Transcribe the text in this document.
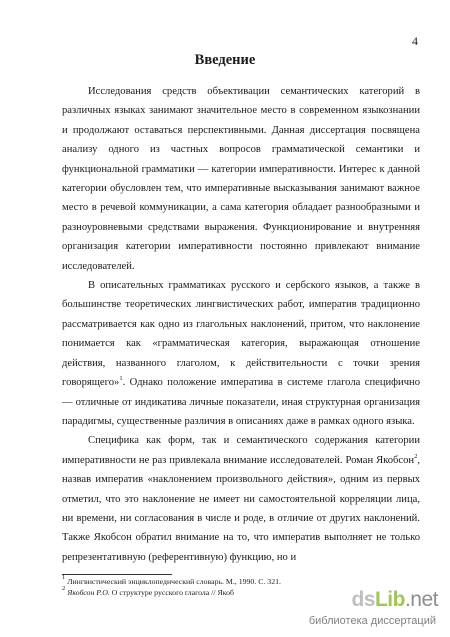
4
Введение

Исследования средств объективации семантических категорий в различных языках занимают значительное место в современном языкознании и продолжают оставаться перспективными. Данная диссертация посвящена анализу одного из частных вопросов грамматической семантики и функциональной грамматики — категории императивности. Интерес к данной категории обусловлен тем, что императивные высказывания занимают важное место в речевой коммуникации, а сама категория обладает разнообразными и разноуровневыми средствами выражения. Функционирование и внутренняя организация категории императивности постоянно привлекают внимание исследователей.

В описательных грамматиках русского и сербского языков, а также в большинстве теоретических лингвистических работ, императив традиционно рассматривается как одно из глагольных наклонений, притом, что наклонение понимается как «грамматическая категория, выражающая отношение действия, названного глаголом, к действительности с точки зрения говорящего»$^1$. Однако положение императива в системе глагола специфично — отличные от индикатива личные показатели, иная структурная организация парадигмы, существенные различия в описаниях даже в рамках одного языка.

Специфика как форм, так и семантического содержания категории императивности не раз привлекала внимание исследователей. Роман Якобсон$^2$, назвав императив «наклонением произвольного действия», одним из первых отметил, что это наклонение не имеет ни самостоятельной корреляции лица, ни времени, ни согласования в числе и роде, в отличие от других наклонений. Также Якобсон обратил внимание на то, что императив выполняет не только репрезентативную (референтивную) функцию, но и

$^1$ Лингвистический энциклопедический словарь. М., 1990. С. 321.
$^2$ Якобсон Р.О. О структуре русского глагола // Якоб	dsLib.net
библиотека диссертаций
